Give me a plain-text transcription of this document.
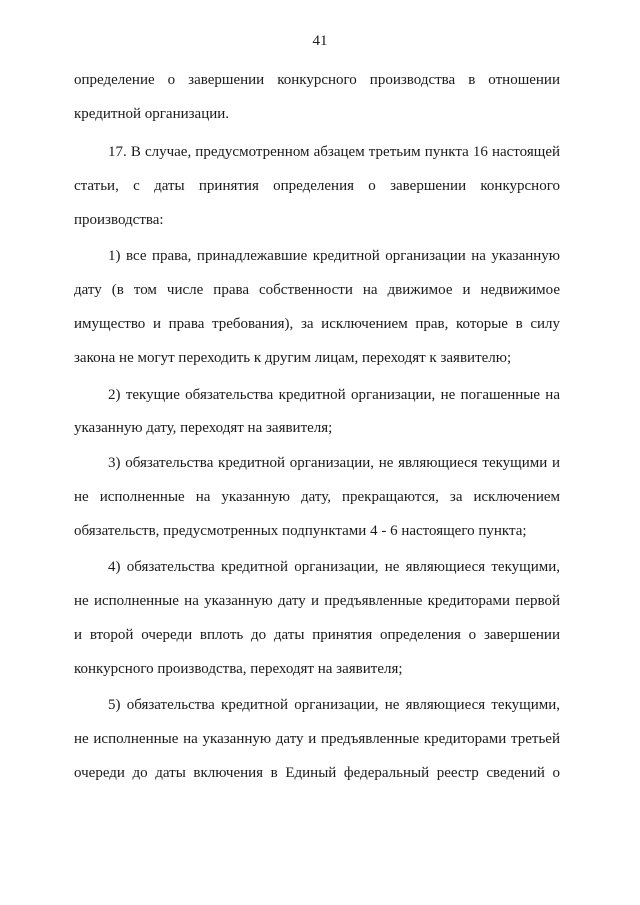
41
определение о завершении конкурсного производства в отношении
кредитной организации.
17. В случае, предусмотренном абзацем третьим пункта 16 настоящей
статьи, с даты принятия определения о завершении конкурсного
производства:
1) все права, принадлежавшие кредитной организации на указанную
дату (в том числе права собственности на движимое и недвижимое
имущество и права требования), за исключением прав, которые в силу
закона не могут переходить к другим лицам, переходят к заявителю;
2) текущие обязательства кредитной организации, не погашенные на
указанную дату, переходят на заявителя;
3) обязательства кредитной организации, не являющиеся текущими и
не исполненные на указанную дату, прекращаются, за исключением
обязательств, предусмотренных подпунктами 4 - 6 настоящего пункта;
4) обязательства кредитной организации, не являющиеся текущими,
не исполненные на указанную дату и предъявленные кредиторами первой
и второй очереди вплоть до даты принятия определения о завершении
конкурсного производства, переходят на заявителя;
5) обязательства кредитной организации, не являющиеся текущими,
не исполненные на указанную дату и предъявленные кредиторами третьей
очереди до даты включения в Единый федеральный реестр сведений о
